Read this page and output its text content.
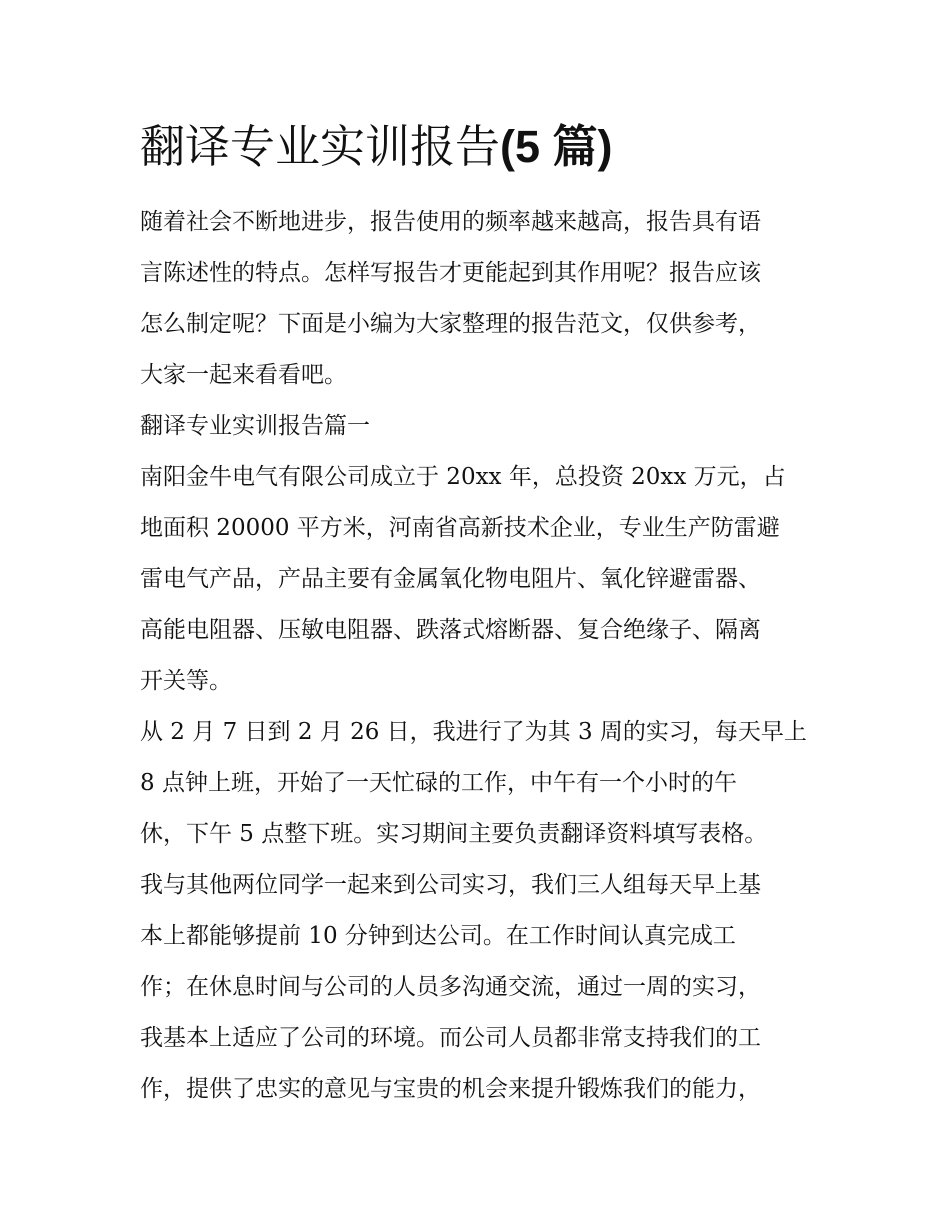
翻译专业实训报告(5 篇)
随着社会不断地进步，报告使用的频率越来越高，报告具有语
言陈述性的特点。怎样写报告才更能起到其作用呢？报告应该
怎么制定呢？下面是小编为大家整理的报告范文，仅供参考，
大家一起来看看吧。
翻译专业实训报告篇一
南阳金牛电气有限公司成立于 20xx 年，总投资 20xx 万元，占
地面积 20000 平方米，河南省高新技术企业，专业生产防雷避
雷电气产品，产品主要有金属氧化物电阻片、氧化锌避雷器、
高能电阻器、压敏电阻器、跌落式熔断器、复合绝缘子、隔离
开关等。
从 2 月 7 日到 2 月 26 日，我进行了为其 3 周的实习，每天早上
8 点钟上班，开始了一天忙碌的工作，中午有一个小时的午
休，下午 5 点整下班。实习期间主要负责翻译资料填写表格。
我与其他两位同学一起来到公司实习，我们三人组每天早上基
本上都能够提前 10 分钟到达公司。在工作时间认真完成工
作；在休息时间与公司的人员多沟通交流，通过一周的实习，
我基本上适应了公司的环境。而公司人员都非常支持我们的工
作，提供了忠实的意见与宝贵的机会来提升锻炼我们的能力，
